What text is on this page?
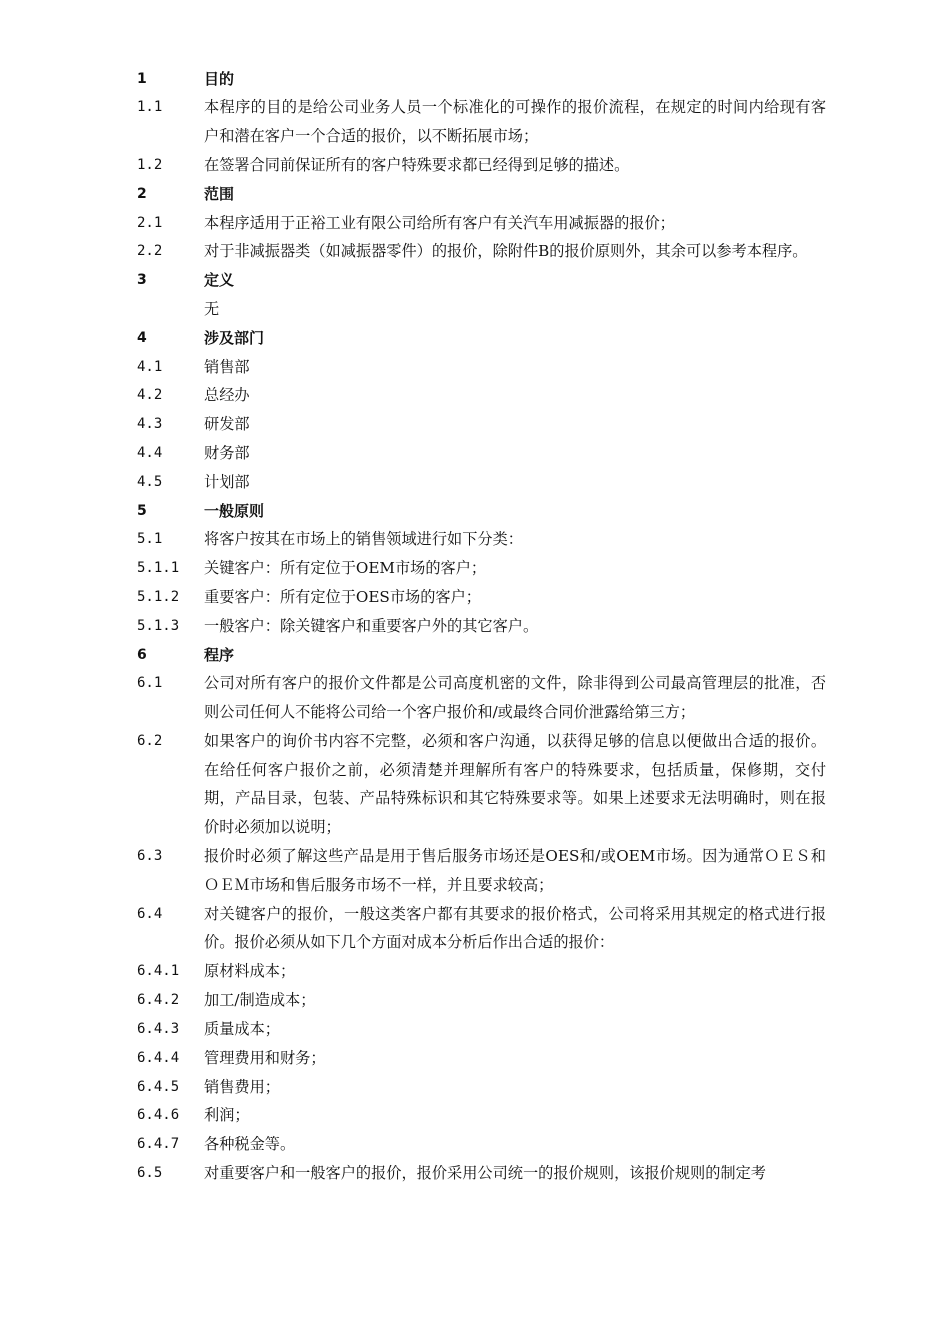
1	目的
1.1	本程序的目的是给公司业务人员一个标准化的可操作的报价流程，在规定的时间内给现有客户和潜在客户一个合适的报价，以不断拓展市场；
1.2	在签署合同前保证所有的客户特殊要求都已经得到足够的描述。
2	范围
2.1	本程序适用于正裕工业有限公司给所有客户有关汽车用减振器的报价；
2.2	对于非减振器类（如减振器零件）的报价，除附件B的报价原则外，其余可以参考本程序。
3	定义
无
4	涉及部门
4.1	销售部
4.2	总经办
4.3	研发部
4.4	财务部
4.5	计划部
5	一般原则
5.1	将客户按其在市场上的销售领域进行如下分类：
5.1.1 关键客户：所有定位于OEM市场的客户；
5.1.2 重要客户：所有定位于OES市场的客户；
5.1.3 一般客户：除关键客户和重要客户外的其它客户。
6	程序
6.1	公司对所有客户的报价文件都是公司高度机密的文件，除非得到公司最高管理层的批准，否则公司任何人不能将公司给一个客户报价和/或最终合同价泄露给第三方；
6.2	如果客户的询价书内容不完整，必须和客户沟通，以获得足够的信息以便做出合适的报价。在给任何客户报价之前，必须清楚并理解所有客户的特殊要求，包括质量，保修期，交付期，产品目录，包装、产品特殊标识和其它特殊要求等。如果上述要求无法明确时，则在报价时必须加以说明；
6.3	报价时必须了解这些产品是用于售后服务市场还是OES和/或OEM市场。因为通常ＯＥＳ和ＯＥＭ市场和售后服务市场不一样，并且要求较高；
6.4	对关键客户的报价，一般这类客户都有其要求的报价格式，公司将采用其规定的格式进行报价。报价必须从如下几个方面对成本分析后作出合适的报价：
6.4.1 原材料成本；
6.4.2 加工/制造成本；
6.4.3 质量成本；
6.4.4 管理费用和财务；
6.4.5 销售费用；
6.4.6 利润；
6.4.7 各种税金等。
6.5	对重要客户和一般客户的报价，报价采用公司统一的报价规则，该报价规则的制定考
